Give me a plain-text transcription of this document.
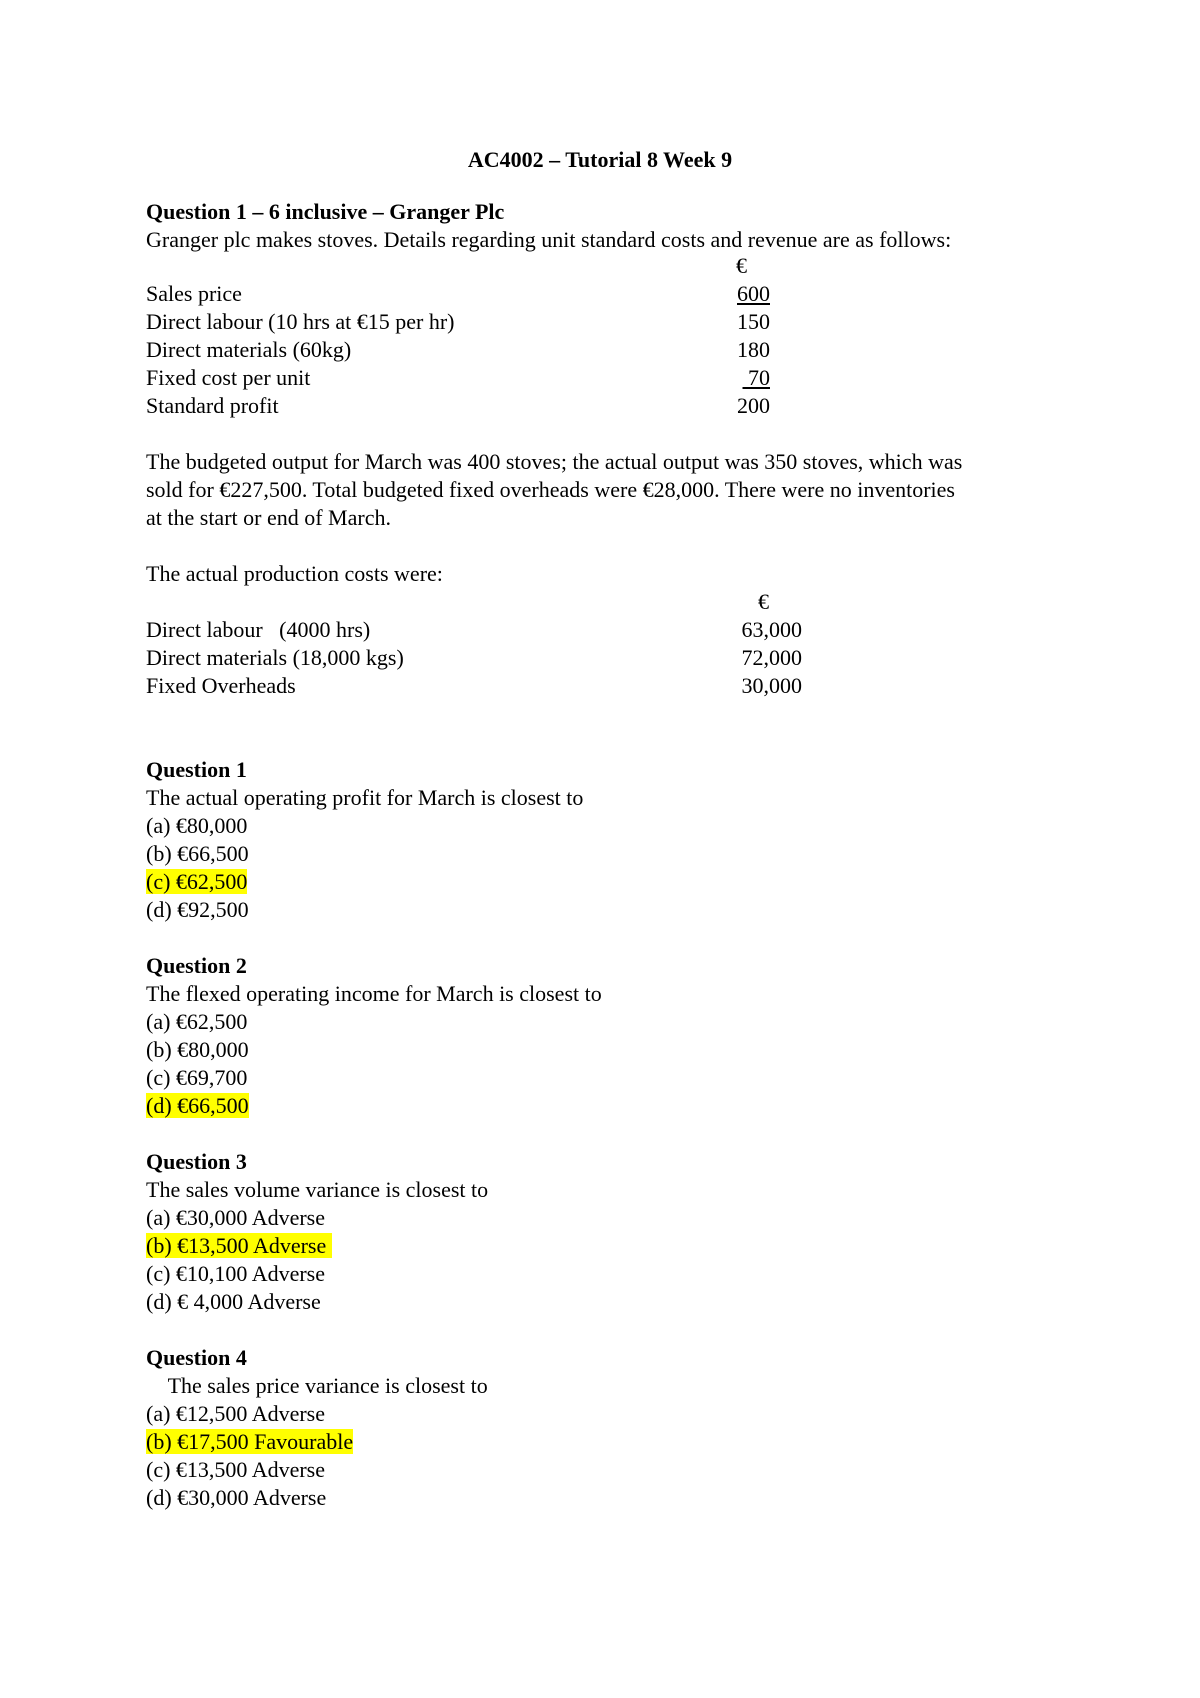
AC4002 – Tutorial 8 Week 9
Question 1 – 6 inclusive – Granger Plc
Granger plc makes stoves. Details regarding unit standard costs and revenue are as follows:
€
Sales price	600
Direct labour (10 hrs at €15 per hr)	150
Direct materials (60kg)	180
Fixed cost per unit	70
Standard profit	200
The budgeted output for March was 400 stoves; the actual output was 350 stoves, which was
sold for €227,500. Total budgeted fixed overheads were €28,000. There were no inventories
at the start or end of March.
The actual production costs were:
€
Direct labour   (4000 hrs)	63,000
Direct materials (18,000 kgs)	72,000
Fixed Overheads	30,000
Question 1
The actual operating profit for March is closest to
(a) €80,000
(b) €66,500
(c) €62,500
(d) €92,500
Question 2
The flexed operating income for March is closest to
(a) €62,500
(b) €80,000
(c) €69,700
(d) €66,500
Question 3
The sales volume variance is closest to
(a) €30,000 Adverse
(b) €13,500 Adverse
(c) €10,100 Adverse
(d) € 4,000 Adverse
Question 4
The sales price variance is closest to
(a) €12,500 Adverse
(b) €17,500 Favourable
(c) €13,500 Adverse
(d) €30,000 Adverse
